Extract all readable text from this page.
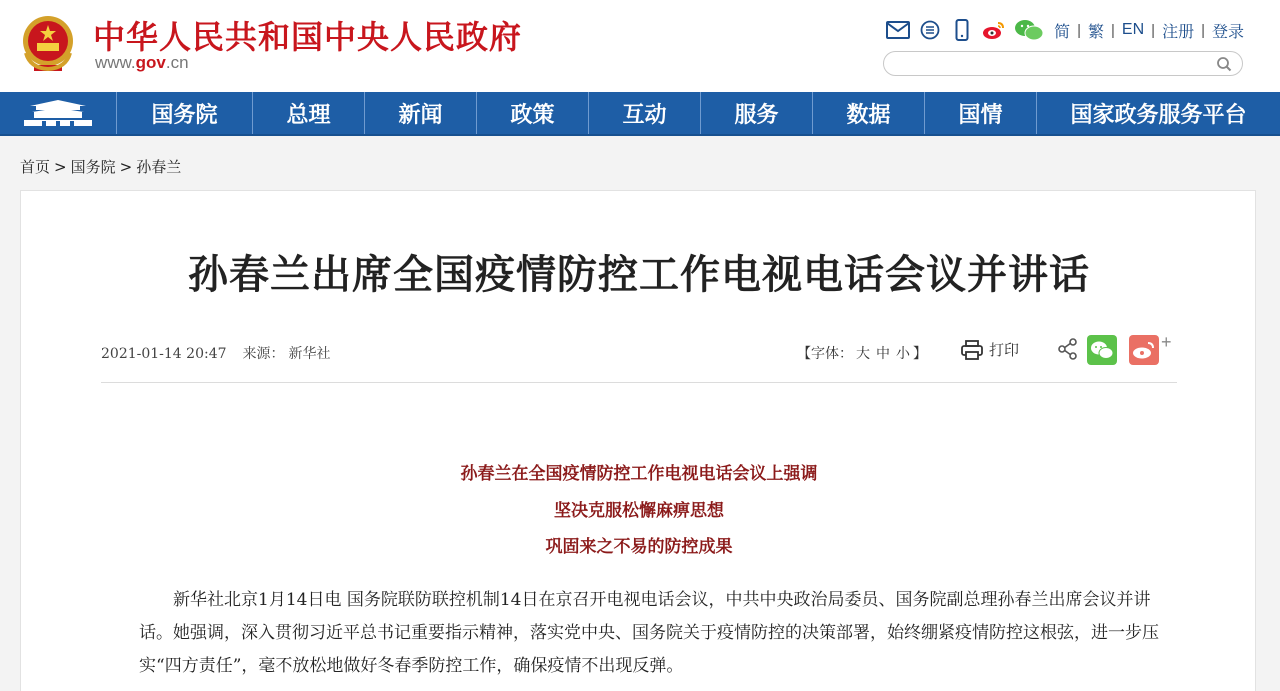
中华人民共和国中央人民政府
www.gov.cn
简 | 繁 | EN | 注册 | 登录
国务院	总理	新闻	政策	互动	服务	数据	国情	国家政务服务平台
首页 > 国务院 > 孙春兰
孙春兰出席全国疫情防控工作电视电话会议并讲话
2021-01-14 20:47 来源： 新华社	【字体： 大 中 小 】	打印	+
孙春兰在全国疫情防控工作电视电话会议上强调
坚决克服松懈麻痹思想
巩固来之不易的防控成果

新华社北京1月14日电 国务院联防联控机制14日在京召开电视电话会议，中共中央政治局委员、国务院副总理孙春兰出席会议并讲话。她强调，深入贯彻习近平总书记重要指示精神，落实党中央、国务院关于疫情防控的决策部署，始终绷紧疫情防控这根弦，进一步压实“四方责任”，毫不放松地做好冬春季防控工作，确保疫情不出现反弹。
